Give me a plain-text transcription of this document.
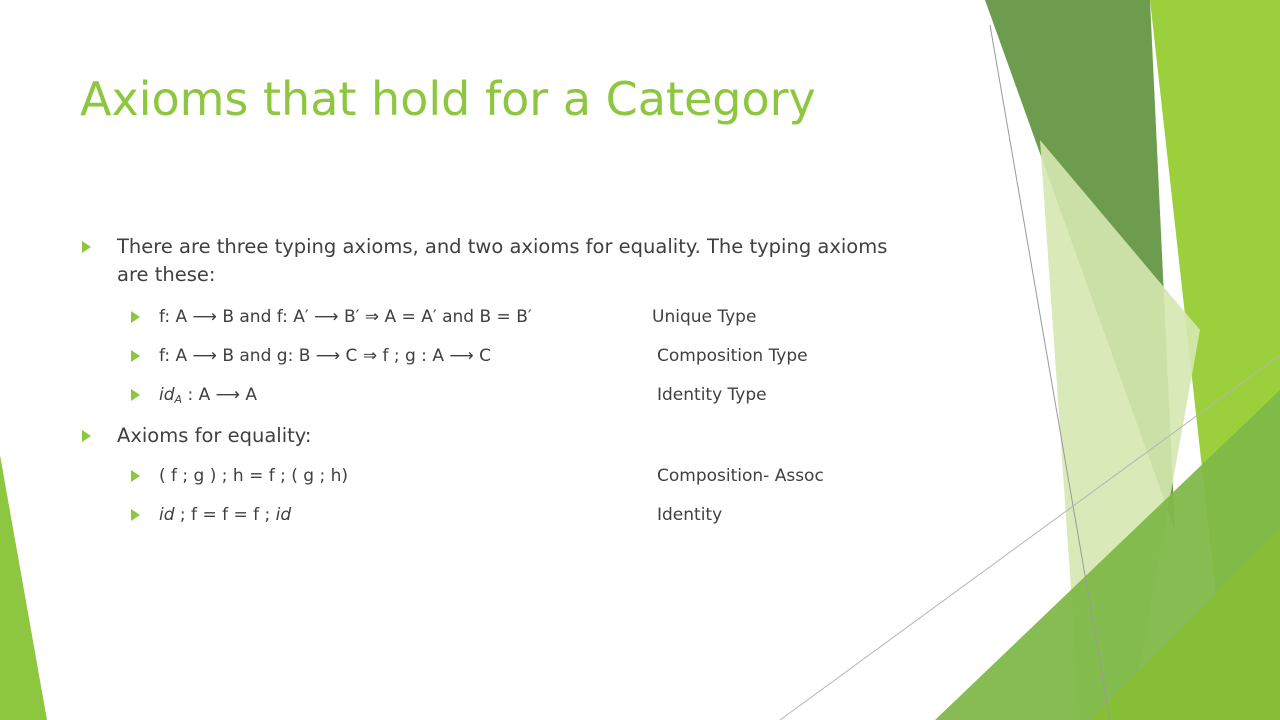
Axioms that hold for a Category
There are three typing axioms, and two axioms for equality. The typing axioms are these:
f: A ⟶ B and f: A′ ⟶ B′ ⇒ A = A′ and B = B′	Unique Type
f: A ⟶ B and g: B ⟶ C ⇒ f ; g : A ⟶ C	Composition Type
$id_A$ : A ⟶ A	Identity Type
Axioms for equality:
( f ; g ) ; h = f ; ( g ; h)	Composition- Assoc
id ; f = f = f ; id	Identity
